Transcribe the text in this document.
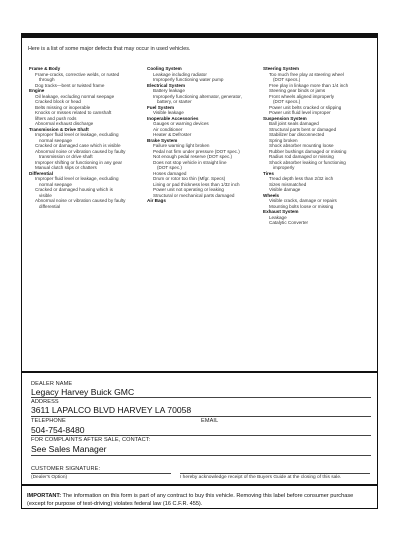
Here is a list of some major defects that may occur in used vehicles.
Frame & Body
Frame-cracks, corrective welds, or rusted
through
Dog tracks—bent or twisted frame
Engine
Oil leakage, excluding normal seepage
Cracked block or head
Belts missing or inoperable
Knocks or misses related to camshaft
lifters and push rods
Abnormal exhaust discharge
Transmission & Drive Shaft
Improper fluid level or leakage, excluding
normal seepage
Cracked or damaged case which is visible
Abnormal noise or vibration caused by faulty
transmission or drive shaft
Improper shifting or functioning in any gear
Manual clutch slips or chatters
Differential
Improper fluid level or leakage, excluding
normal seepage
Cracked or damaged housing which is
visible
Abnormal noise or vibration caused by faulty
differential
Cooling System
Leakage including radiator
Improperly functioning water pump
Electrical System
Battery leakage
Improperly functioning alternator, generator,
battery, or starter
Fuel System
Visible leakage
Inoperable Accessories
Gauges or warning devices
Air conditioner
Heater & Defroster
Brake System
Failure warning light broken
Pedal not firm under pressure (DOT spec.)
Not enough pedal reserve (DOT spec.)
Does not stop vehicle in straight line
(DOT spec.)
Hoses damaged
Drum or rotor too thin (Mfgr. Specs)
Lining or pad thickness less than 1/32 inch
Power unit not operating or leaking
Structural or mechanical parts damaged
Air Bags
Steering System
Too much free play at steering wheel
(DOT specs.)
Free play in linkage more than 1/4 inch
Steering gear binds or jams
Front wheels aligned improperly
(DOT specs.)
Power unit belts cracked or slipping
Power unit fluid level improper
Suspension System
Ball joint seals damaged
Structural parts bent or damaged
Stabilizer bar disconnected
Spring broken
Shock absorber mounting loose
Rubber bushings damaged or missing
Radius rod damaged or missing
Shock absorber leaking or functioning
improperly
Tires
Tread depth less than 2/32 inch
Sizes mismatched
Visible damage
Wheels
Visible cracks, damage or repairs
Mounting bolts loose or missing
Exhaust System
Leakage
Catalytic Converter
DEALER NAME
Legacy Harvey Buick GMC
ADDRESS
3611 LAPALCO BLVD HARVEY LA 70058
TELEPHONE	EMAIL
504-754-8480
FOR COMPLAINTS AFTER SALE, CONTACT:
See Sales Manager
CUSTOMER SIGNATURE:
(Dealer's Option)	I hereby acknowledge receipt of the Buyers Guide at the closing of this sale.
IMPORTANT: The information on this form is part of any contract to buy this vehicle. Removing this label before consumer purchase (except for purpose of test-driving) violates federal law (16 C.F.R. 455).
